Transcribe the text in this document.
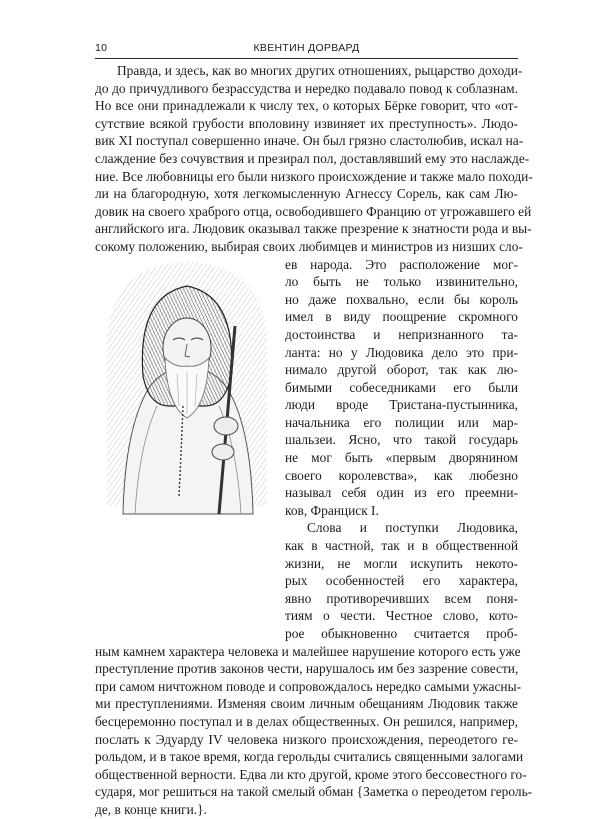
10	КВЕНТИН ДОРВАРД
Правда, и здесь, как во многих других отношениях, рыцарство доходи-
до до причудливого безрассудства и нередко подавало повод к соблазнам.
Но все они принадлежали к числу тех, о которых Бёрке говорит, что «от-
сутствие всякой грубости вполовину извиняет их преступность». Людо-
вик XI поступал совершенно иначе. Он был грязно сластолюбив, искал на-
слаждение без сочувствия и презирал пол, доставлявший ему это наслажде-
ние. Все любовницы его были низкого происхождение и также мало походи-
ли на благородную, хотя легкомысленную Агнессу Сорель, как сам Лю-
довик на своего храброго отца, освободившего Францию от угрожавшего ей
английского ига. Людовик оказывал также презрение к знатности рода и вы-
сокому положению, выбирая своих любимцев и министров из низших сло-
ев народа. Это расположение мог-
ло быть не только извинительно,
но даже похвально, если бы король
имел в виду поощрение скромного
достоинства и непризнанного та-
ланта: но у Людовика дело это при-
нимало другой оборот, так как лю-
бимыми собеседниками его были
люди вроде Тристана-пустынника,
начальника его полиции или мар-
шальзеи. Ясно, что такой государь
не мог быть «первым дворянином
своего королевства», как любезно
называл себя один из его преемни-
ков, Франциск I.
Слова и поступки Людовика,
как в частной, так и в общественной
жизни, не могли искупить некото-
рых особенностей его характера,
явно противоречивших всем поня-
тиям о чести. Честное слово, кото-
рое обыкновенно считается проб-
ным камнем характера человека и малейшее нарушение которого есть уже
преступление против законов чести, нарушалось им без зазрение совести,
при самом ничтожном поводе и сопровождалось нередко самыми ужасны-
ми преступлениями. Изменяя своим личным обещаниям Людовик также
бесцеремонно поступал и в делах общественных. Он решился, например,
послать к Эдуарду IV человека низкого происхождения, переодетого ге-
рольдом, и в такое время, когда герольды считались священными залогами
общественной верности. Едва ли кто другой, кроме этого бессовестного го-
сударя, мог решиться на такой смелый обман {Заметка о переодетом героль-
де, в конце книги.}.
